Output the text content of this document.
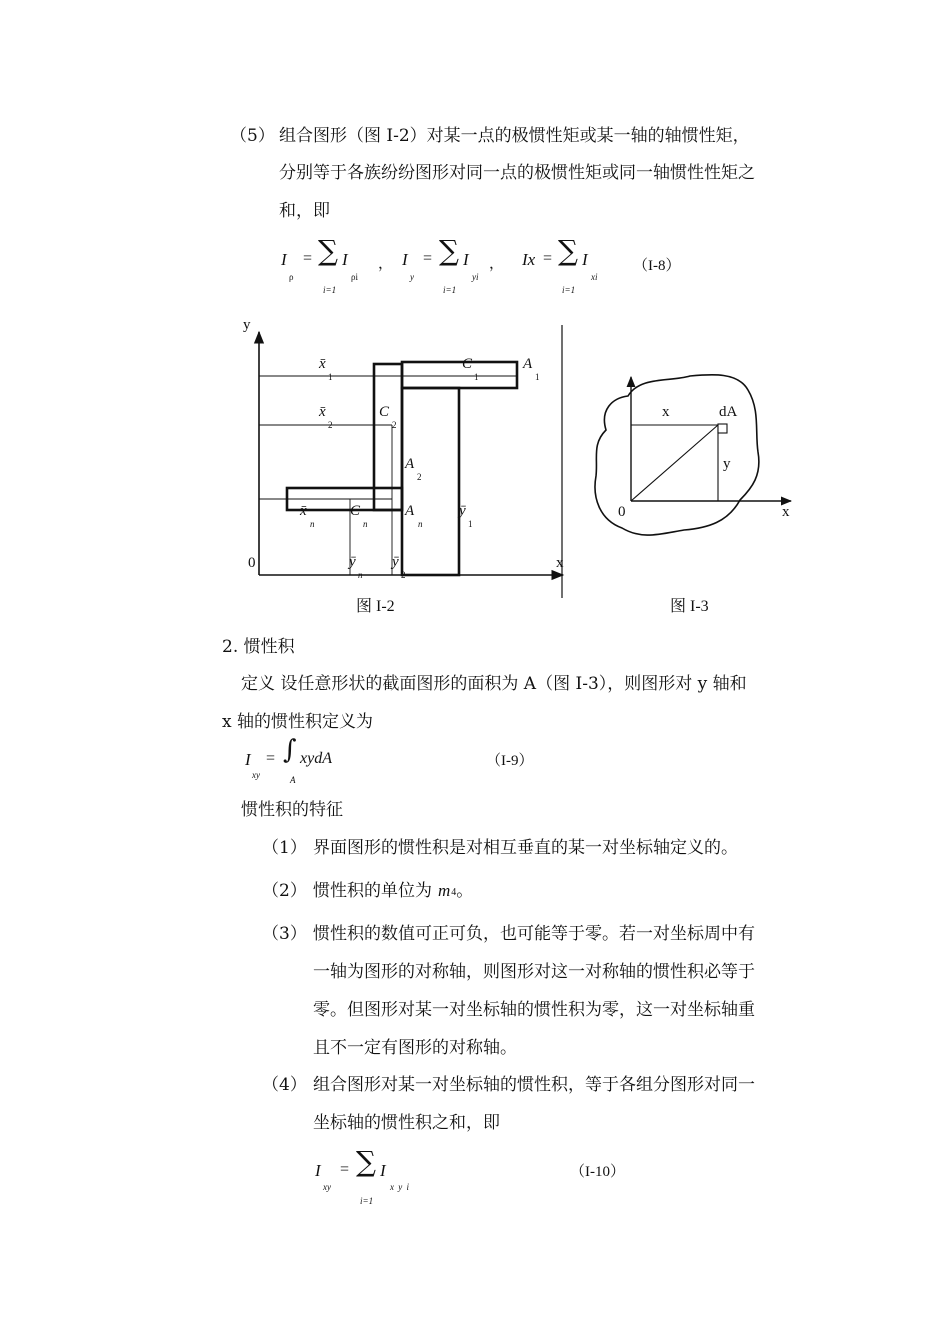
（5） 组合图形（图 I-2）对某一点的极惯性矩或某一轴的轴惯性矩，
分别等于各族纷纷图形对同一点的极惯性矩或同一轴惯性性矩之
和，即
I
ρ
= ∑ I
ρi
i=1
， I
y
= ∑ I
yi
i=1
， Ix = ∑ I
xi
i=1
（I-8）
y
x
0
x̄
1
C
1
A
1
x̄
2
C
2
A
2
x̄
n
C
n
A
n
ȳ
1
ȳ
n
ȳ
2
图 I-2
x	dA
y
0	x
图 I-3
2. 惯性积
定义 设任意形状的截面图形的面积为 A（图 I-3），则图形对 y 轴和
x 轴的惯性积定义为
I
xy
= ∫
A
xydA	（I-9）
惯性积的特征
（1） 界面图形的惯性积是对相互垂直的某一对坐标轴定义的。
（2） 惯性积的单位为 m4。
（3） 惯性积的数值可正可负，也可能等于零。若一对坐标周中有
一轴为图形的对称轴，则图形对这一对称轴的惯性积必等于
零。但图形对某一对坐标轴的惯性积为零，这一对坐标轴重
且不一定有图形的对称轴。
（4） 组合图形对某一对坐标轴的惯性积，等于各组分图形对同一
坐标轴的惯性积之和，即
I
xy
= ∑ I
x y i
i=1
（I-10）
